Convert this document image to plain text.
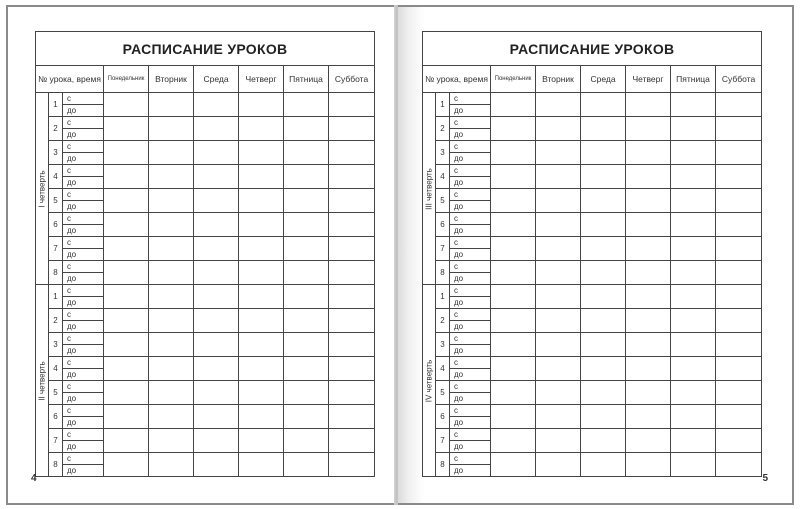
РАСПИСАНИЕ УРОКОВ								
№ урока, время			Понедельник	Вторник	Среда	Четверг	Пятница	Суббота

I четверть	1	с						
		до						
	2	с						
		до						
	3	с						
		до						
	4	с						
		до						
	5	с						
		до						
	6	с						
		до						
	7	с						
		до						
	8	с						
		до						

II четверть	1	с						
		до						
	2	с						
		до						
	3	с						
		до						
	4	с						
		до						
	5	с						
		до						
	6	с						
		до						
	7	с						
		до						
	8	с						
		до						
4
РАСПИСАНИЕ УРОКОВ								
№ урока, время			Понедельник	Вторник	Среда	Четверг	Пятница	Суббота

III четверть	1	с						
		до						
	2	с						
		до						
	3	с						
		до						
	4	с						
		до						
	5	с						
		до						
	6	с						
		до						
	7	с						
		до						
	8	с						
		до						

IV четверть	1	с						
		до						
	2	с						
		до						
	3	с						
		до						
	4	с						
		до						
	5	с						
		до						
	6	с						
		до						
	7	с						
		до						
	8	с						
		до						
5
